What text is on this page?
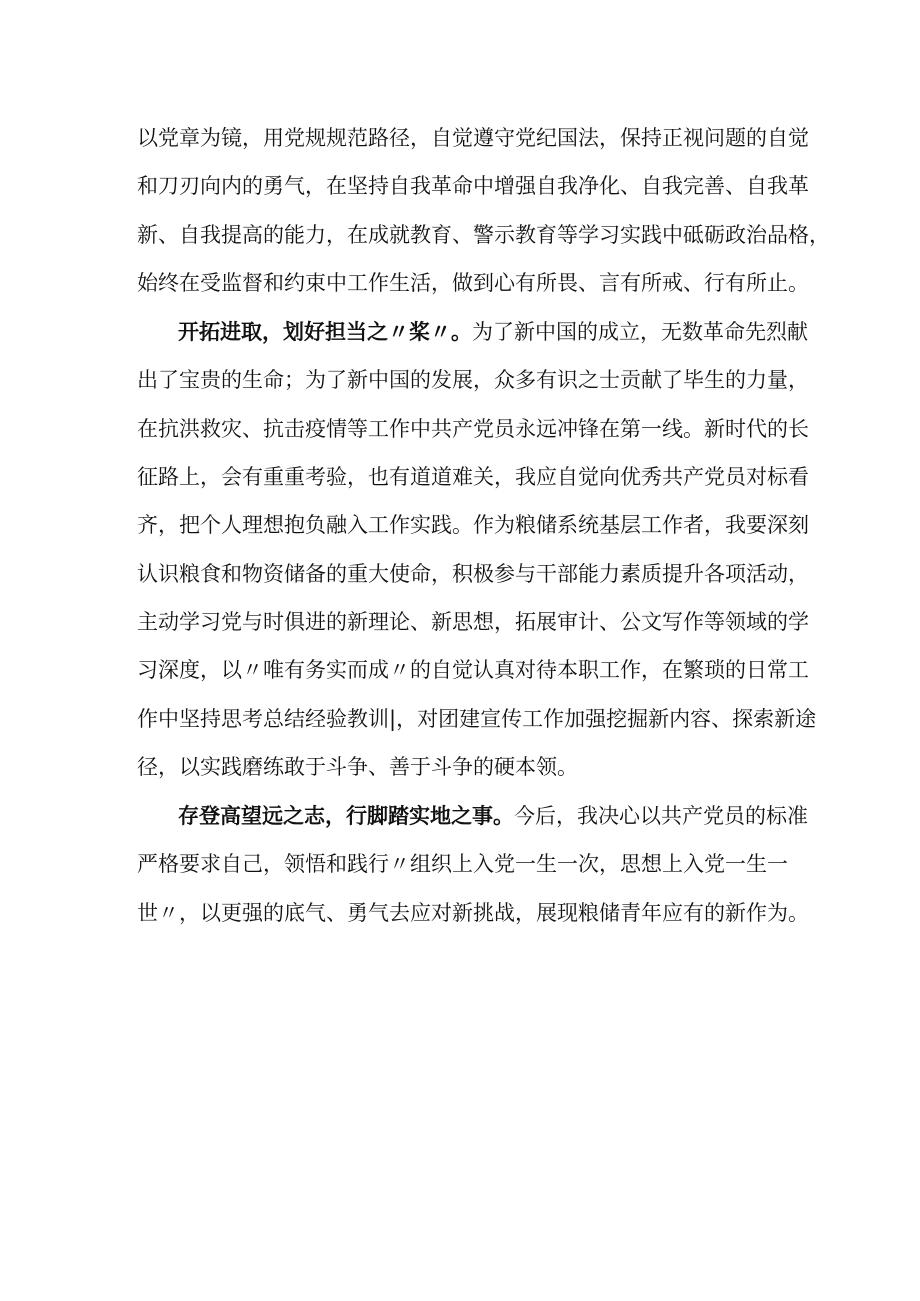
以党章为镜，用党规规范路径，自觉遵守党纪国法，保持正视问题的自觉
和刀刃向内的勇气，在坚持自我革命中增强自我净化、自我完善、自我革
新、自我提高的能力，在成就教育、警示教育等学习实践中砥砺政治品格，
始终在受监督和约束中工作生活，做到心有所畏、言有所戒、行有所止。
开拓进取，划好担当之〃桨〃。为了新中国的成立，无数革命先烈献
出了宝贵的生命；为了新中国的发展，众多有识之士贡献了毕生的力量，
在抗洪救灾、抗击疫情等工作中共产党员永远冲锋在第一线。新时代的长
征路上，会有重重考验，也有道道难关，我应自觉向优秀共产党员对标看
齐，把个人理想抱负融入工作实践。作为粮储系统基层工作者，我要深刻
认识粮食和物资储备的重大使命，积极参与干部能力素质提升各项活动，
主动学习党与时俱进的新理论、新思想，拓展审计、公文写作等领域的学
习深度，以〃唯有务实而成〃的自觉认真对待本职工作，在繁琐的日常工
作中坚持思考总结经验教训|，对团建宣传工作加强挖掘新内容、探索新途
径，以实践磨练敢于斗争、善于斗争的硬本领。
存登高望远之志，行脚踏实地之事。今后，我决心以共产党员的标准
严格要求自己，领悟和践行〃组织上入党一生一次，思想上入党一生一
世〃，以更强的底气、勇气去应对新挑战，展现粮储青年应有的新作为。
